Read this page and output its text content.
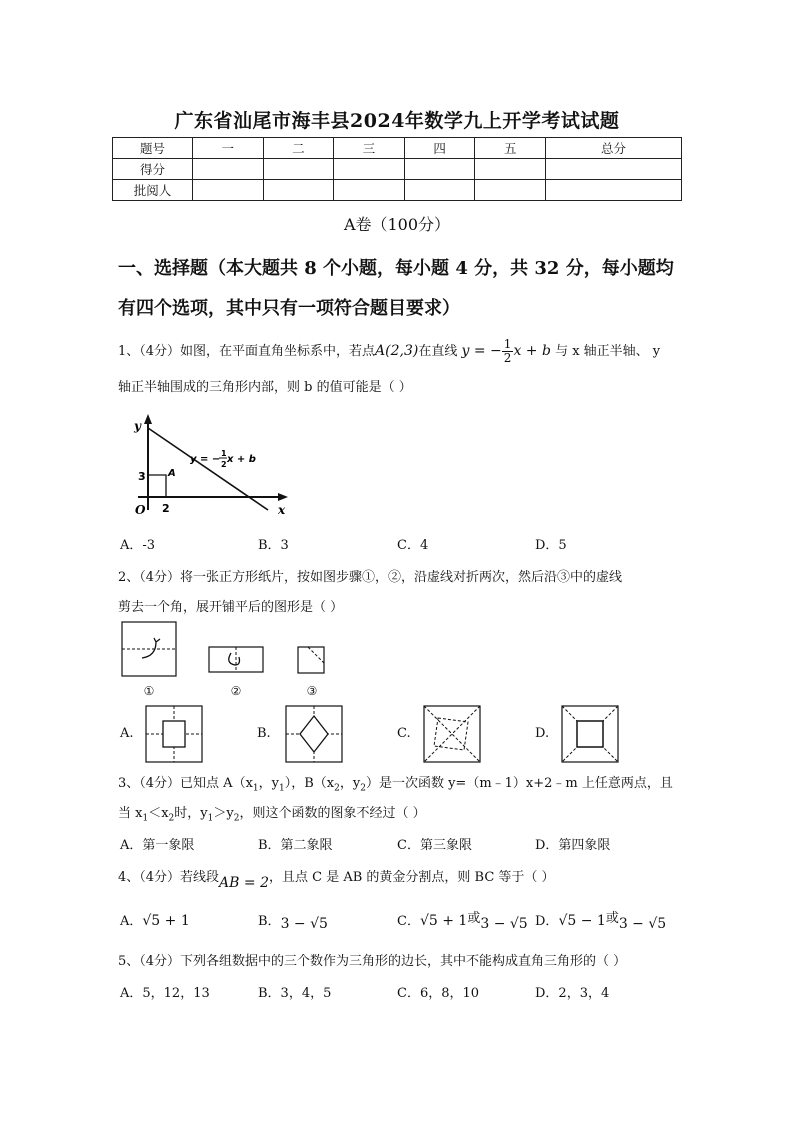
广东省汕尾市海丰县2024年数学九上开学考试试题
题号	一	二	三	四	五	总分
得分						
批阅人						
A卷（100分）
一、选择题（本大题共 8 个小题，每小题 4 分，共 32 分，每小题均
有四个选项，其中只有一项符合题目要求）
1、（4分）如图，在平面直角坐标系中，若点A(2,3)在直线 y = − $\frac{1}{2}$ x + b 与 x 轴正半轴、 y
轴正半轴围成的三角形内部，则 b 的值可能是（ ）
y
x
O
3
2
A
y = −
1
2 x + b
A．-3	B．3	C．4	D．5
2、（4分）将一张正方形纸片，按如图步骤①，②，沿虚线对折两次，然后沿③中的虚线
剪去一个角，展开铺平后的图形是（ ）
①	②	③
A.	B.	C.	D.
3、（4分）已知点 $A(x_1$，$y_1$），$B(x_2$，$y_2$）是一次函数 y=（m﹣1）x+2﹣m 上任意两点，且
当 $x_1<x_2$时，$y_1>y_2$，则这个函数的图象不经过（ ）
A．第一象限	B．第二象限	C．第三象限	D．第四象限
4、（4分）若线段AB = 2，且点 C 是 AB 的黄金分割点，则 BC 等于（ ）
A．√5 + 1	B．3 − √5	C．√5 + 1或3 − √5 D．√5 − 1或3 − √5
5、（4分）下列各组数据中的三个数作为三角形的边长，其中不能构成直角三角形的（ ）
A．5，12，13	B．3，4，5	C．6，8，10	D．2，3，4
